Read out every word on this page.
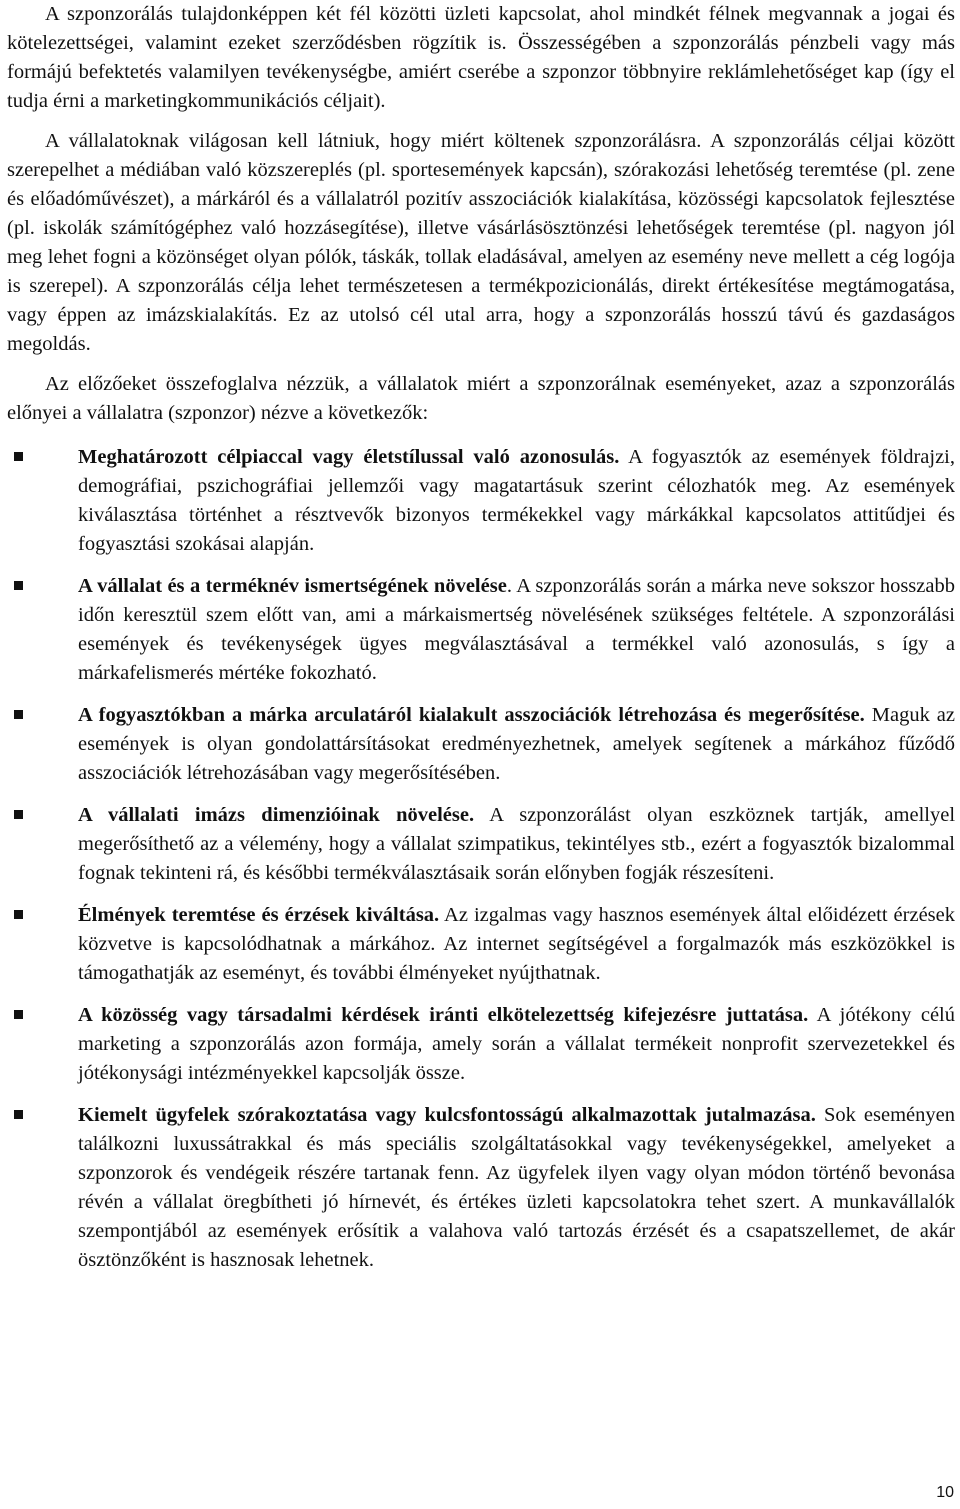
A szponzorálás tulajdonképpen két fél közötti üzleti kapcsolat, ahol mindkét félnek megvannak a jogai és kötelezettségei, valamint ezeket szerződésben rögzítik is. Összességében a szponzorálás pénzbeli vagy más formájú befektetés valamilyen tevékenységbe, amiért cserébe a szponzor többnyire reklámlehetőséget kap (így el tudja érni a marketingkommunikációs céljait).

A vállalatoknak világosan kell látniuk, hogy miért költenek szponzorálásra. A szponzorálás céljai között szerepelhet a médiában való közszereplés (pl. sportesemények kapcsán), szórakozási lehetőség teremtése (pl. zene és előadóművészet), a márkáról és a vállalatról pozitív asszociációk kialakítása, közösségi kapcsolatok fejlesztése (pl. iskolák számítógéphez való hozzásegítése), illetve vásárlásösztönzési lehetőségek teremtése (pl. nagyon jól meg lehet fogni a közönséget olyan pólók, táskák, tollak eladásával, amelyen az esemény neve mellett a cég logója is szerepel). A szponzorálás célja lehet természetesen a termékpozicionálás, direkt értékesítése megtámogatása, vagy éppen az imázskialakítás. Ez az utolsó cél utal arra, hogy a szponzorálás hosszú távú és gazdaságos megoldás.

Az előzőeket összefoglalva nézzük, a vállalatok miért a szponzorálnak eseményeket, azaz a szponzorálás előnyei a vállalatra (szponzor) nézve a következők:

Meghatározott célpiaccal vagy életstílussal való azonosulás. A fogyasztók az események földrajzi, demográfiai, pszichográfiai jellemzői vagy magatartásuk szerint célozhatók meg. Az események kiválasztása történhet a résztvevők bizonyos termékekkel vagy márkákkal kapcsolatos attitűdjei és fogyasztási szokásai alapján.
A vállalat és a terméknév ismertségének növelése. A szponzorálás során a márka neve sokszor hosszabb időn keresztül szem előtt van, ami a márkaismertség növelésének szükséges feltétele. A szponzorálási események és tevékenységek ügyes megválasztásával a termékkel való azonosulás, s így a márkafelismerés mértéke fokozható.
A fogyasztókban a márka arculatáról kialakult asszociációk létrehozása és megerősítése. Maguk az események is olyan gondolattársításokat eredményezhetnek, amelyek segítenek a márkához fűződő asszociációk létrehozásában vagy megerősítésében.
A vállalati imázs dimenzióinak növelése. A szponzorálást olyan eszköznek tartják, amellyel megerősíthető az a vélemény, hogy a vállalat szimpatikus, tekintélyes stb., ezért a fogyasztók bizalommal fognak tekinteni rá, és későbbi termékválasztásaik során előnyben fogják részesíteni.
Élmények teremtése és érzések kiváltása. Az izgalmas vagy hasznos események által előidézett érzések közvetve is kapcsolódhatnak a márkához. Az internet segítségével a forgalmazók más eszközökkel is támogathatják az eseményt, és további élményeket nyújthatnak.
A közösség vagy társadalmi kérdések iránti elkötelezettség kifejezésre juttatása. A jótékony célú marketing a szponzorálás azon formája, amely során a vállalat termékeit nonprofit szervezetekkel és jótékonysági intézményekkel kapcsolják össze.
Kiemelt ügyfelek szórakoztatása vagy kulcsfontosságú alkalmazottak jutalmazása. Sok eseményen találkozni luxussátrakkal és más speciális szolgáltatásokkal vagy tevékenységekkel, amelyeket a szponzorok és vendégeik részére tartanak fenn. Az ügyfelek ilyen vagy olyan módon történő bevonása révén a vállalat öregbítheti jó hírnevét, és értékes üzleti kapcsolatokra tehet szert. A munkavállalók szempontjából az események erősítik a valahova való tartozás érzését és a csapatszellemet, de akár ösztönzőként is hasznosak lehetnek.
10
